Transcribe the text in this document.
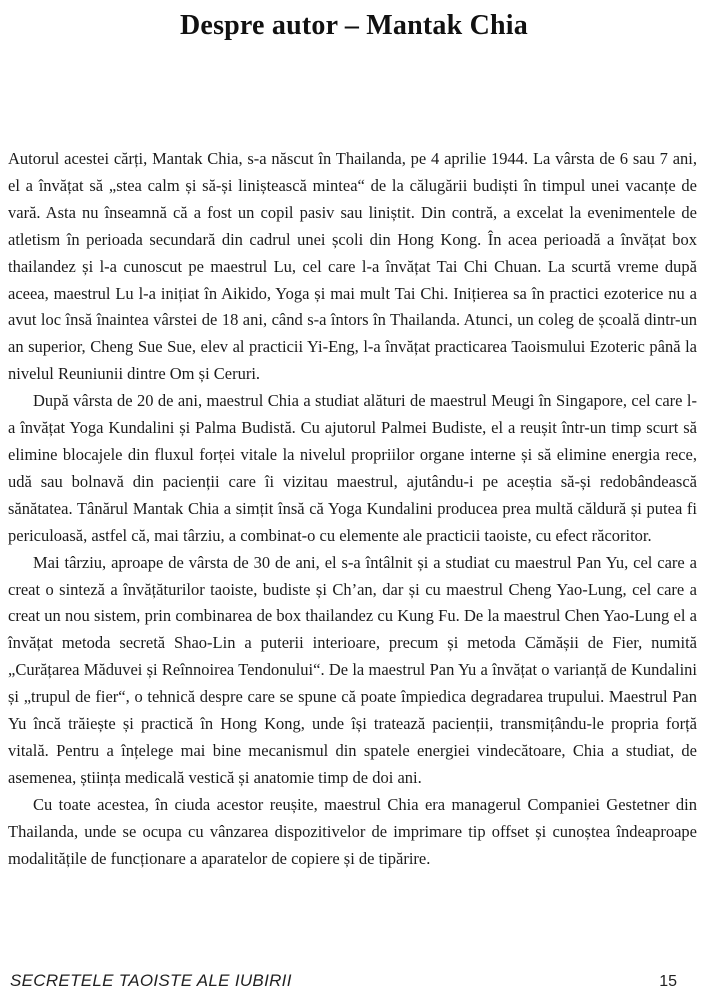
Despre autor – Mantak Chia

Autorul acestei cărți, Mantak Chia, s-a născut în Thailanda, pe 4 aprilie 1944. La vârsta de 6 sau 7 ani, el a învățat să „stea calm și să-și liniștească mintea“ de la călugării budiști în timpul unei vacanțe de vară. Asta nu înseamnă că a fost un copil pasiv sau liniștit. Din contră, a excelat la evenimentele de atletism în perioada secundară din cadrul unei școli din Hong Kong. În acea perioadă a învățat box thailandez și l-a cunoscut pe maestrul Lu, cel care l-a învățat Tai Chi Chuan. La scurtă vreme după aceea, maestrul Lu l-a inițiat în Aikido, Yoga și mai mult Tai Chi. Inițierea sa în practici ezoterice nu a avut loc însă înaintea vârstei de 18 ani, când s-a întors în Thailanda. Atunci, un coleg de școală dintr-un an superior, Cheng Sue Sue, elev al practicii Yi-Eng, l-a învățat practicarea Taoismului Ezoteric până la nivelul Reuniunii dintre Om și Ceruri.

După vârsta de 20 de ani, maestrul Chia a studiat alături de maestrul Meugi în Singapore, cel care l-a învățat Yoga Kundalini și Palma Budistă. Cu ajutorul Palmei Budiste, el a reușit într-un timp scurt să elimine blocajele din fluxul forței vitale la nivelul propriilor organe interne și să elimine energia rece, udă sau bolnavă din pacienții care îi vizitau maestrul, ajutându-i pe aceștia să-și redobândească sănătatea. Tânărul Mantak Chia a simțit însă că Yoga Kundalini producea prea multă căldură și putea fi periculoasă, astfel că, mai târziu, a combinat-o cu elemente ale practicii taoiste, cu efect răcoritor.

Mai târziu, aproape de vârsta de 30 de ani, el s-a întâlnit și a studiat cu maestrul Pan Yu, cel care a creat o sinteză a învățăturilor taoiste, budiste și Ch’an, dar și cu maestrul Cheng Yao-Lung, cel care a creat un nou sistem, prin combinarea de box thailandez cu Kung Fu. De la maestrul Chen Yao-Lung el a învățat metoda secretă Shao-Lin a puterii interioare, precum și metoda Cămășii de Fier, numită „Curățarea Măduvei și Reînnoirea Tendonului“. De la maestrul Pan Yu a învățat o varianță de Kundalini și „trupul de fier“, o tehnică despre care se spune că poate împiedica degradarea trupului. Maestrul Pan Yu încă trăiește și practică în Hong Kong, unde își tratează pacienții, transmițându-le propria forță vitală. Pentru a înțelege mai bine mecanismul din spatele energiei vindecătoare, Chia a studiat, de asemenea, știința medicală vestică și anatomie timp de doi ani.

Cu toate acestea, în ciuda acestor reușite, maestrul Chia era managerul Companiei Gestetner din Thailanda, unde se ocupa cu vânzarea dispozitivelor de imprimare tip offset și cunoștea îndeaproape modalitățile de funcționare a aparatelor de copiere și de tipărire.

SECRETELE TAOISTE ALE IUBIRII	15
